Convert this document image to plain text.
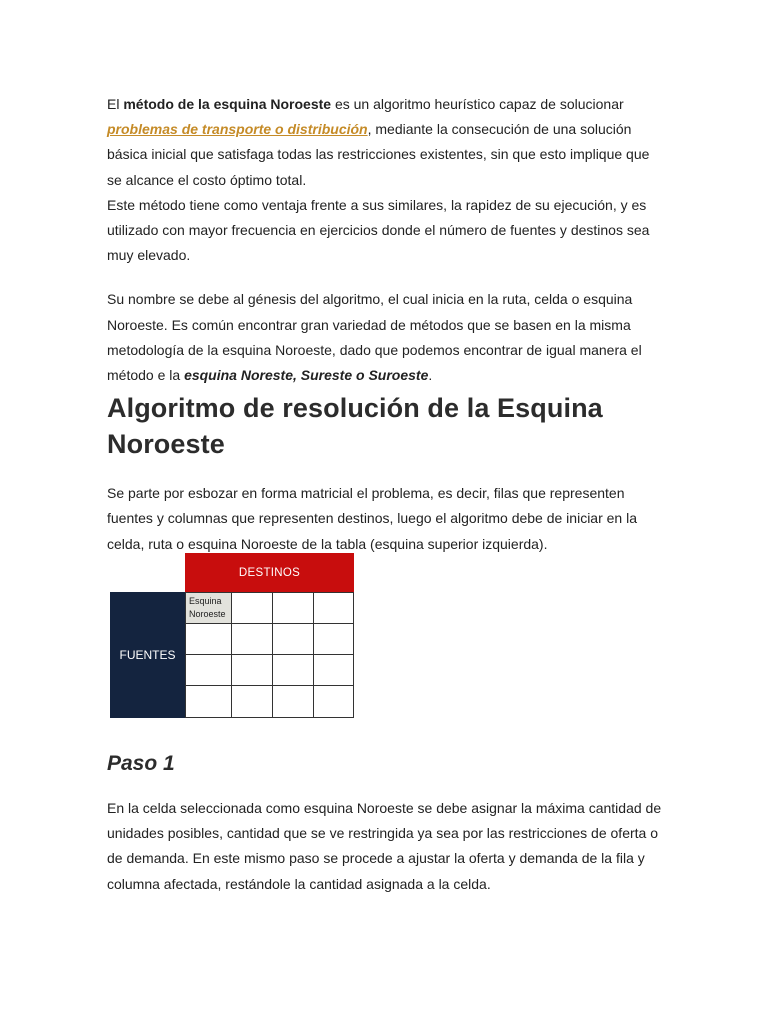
El método de la esquina Noroeste es un algoritmo heurístico capaz de solucionar problemas de transporte o distribución, mediante la consecución de una solución básica inicial que satisfaga todas las restricciones existentes, sin que esto implique que se alcance el costo óptimo total.

Este método tiene como ventaja frente a sus similares, la rapidez de su ejecución, y es utilizado con mayor frecuencia en ejercicios donde el número de fuentes y destinos sea muy elevado.

Su nombre se debe al génesis del algoritmo, el cual inicia en la ruta, celda o esquina Noroeste. Es común encontrar gran variedad de métodos que se basen en la misma metodología de la esquina Noroeste, dado que podemos encontrar de igual manera el método e la esquina Noreste, Sureste o Suroeste.

Algoritmo de resolución de la Esquina Noroeste

Se parte por esbozar en forma matricial el problema, es decir, filas que representen fuentes y columnas que representen destinos, luego el algoritmo debe de iniciar en la celda, ruta o esquina Noroeste de la tabla (esquina superior izquierda).

DESTINOS
FUENTES
Esquina
Noroeste
Paso 1

En la celda seleccionada como esquina Noroeste se debe asignar la máxima cantidad de unidades posibles, cantidad que se ve restringida ya sea por las restricciones de oferta o de demanda. En este mismo paso se procede a ajustar la oferta y demanda de la fila y columna afectada, restándole la cantidad asignada a la celda.
